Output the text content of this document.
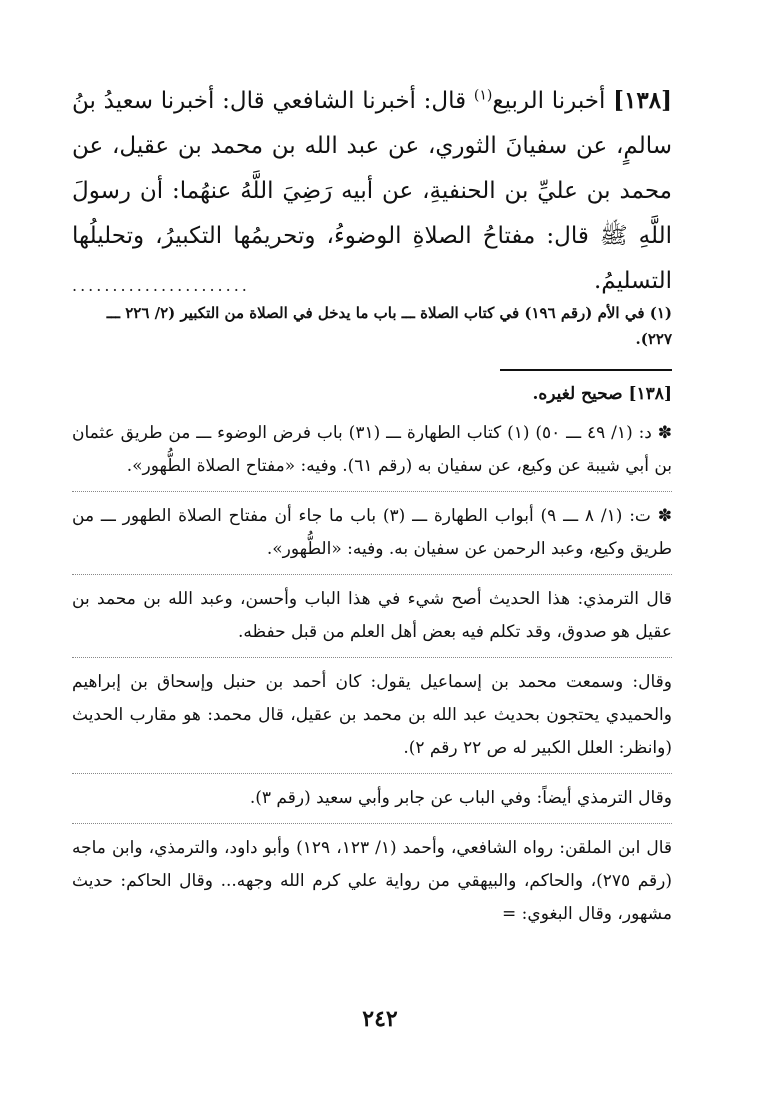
[١٣٨] أخبرنا الربيع$^{(١)}$ قال: أخبرنا الشافعي قال: أخبرنا سعيدُ بنُ سالمٍ، عن سفيانَ الثوري، عن عبد الله بن محمد بن عقيل، عن محمد بن عليِّ بن الحنفيةِ، عن أبيه رَضِيَ اللَّهُ عنهُما: أن رسولَ اللَّهِ ﷺ قال: مفتاحُ الصلاةِ الوضوءُ، وتحريمُها التكبيرُ، وتحليلُها التسليمُ.

......................

(١) في الأم (رقم ١٩٦) في كتاب الصلاة ـــ باب ما يدخل في الصلاة من التكبير (٢/ ٢٢٦ ـــ ٢٢٧).

[١٣٨] صحيح لغيره.

✽ د: (١/ ٤٩ ـــ ٥٠) (١) كتاب الطهارة ـــ (٣١) باب فرض الوضوء ـــ من طريق عثمان بن أبي شيبة عن وكيع، عن سفيان به (رقم ٦١). وفيه: «مفتاح الصلاة الطُّهور».

✽ ت: (١/ ٨ ـــ ٩) أبواب الطهارة ـــ (٣) باب ما جاء أن مفتاح الصلاة الطهور ـــ من طريق وكيع، وعبد الرحمن عن سفيان به. وفيه: «الطُّهور».

قال الترمذي: هذا الحديث أصح شيء في هذا الباب وأحسن، وعبد الله بن محمد بن عقيل هو صدوق، وقد تكلم فيه بعض أهل العلم من قبل حفظه.

وقال: وسمعت محمد بن إسماعيل يقول: كان أحمد بن حنبل وإسحاق بن إبراهيم والحميدي يحتجون بحديث عبد الله بن محمد بن عقيل، قال محمد: هو مقارب الحديث (وانظر: العلل الكبير له ص ٢٢ رقم ٢).

وقال الترمذي أيضاً: وفي الباب عن جابر وأبي سعيد (رقم ٣).

قال ابن الملقن: رواه الشافعي، وأحمد (١/ ١٢٣، ١٢٩) وأبو داود، والترمذي، وابن ماجه (رقم ٢٧٥)، والحاكم، والبيهقي من رواية علي كرم الله وجهه... وقال الحاكم: حديث مشهور، وقال البغوي: =

٢٤٢
